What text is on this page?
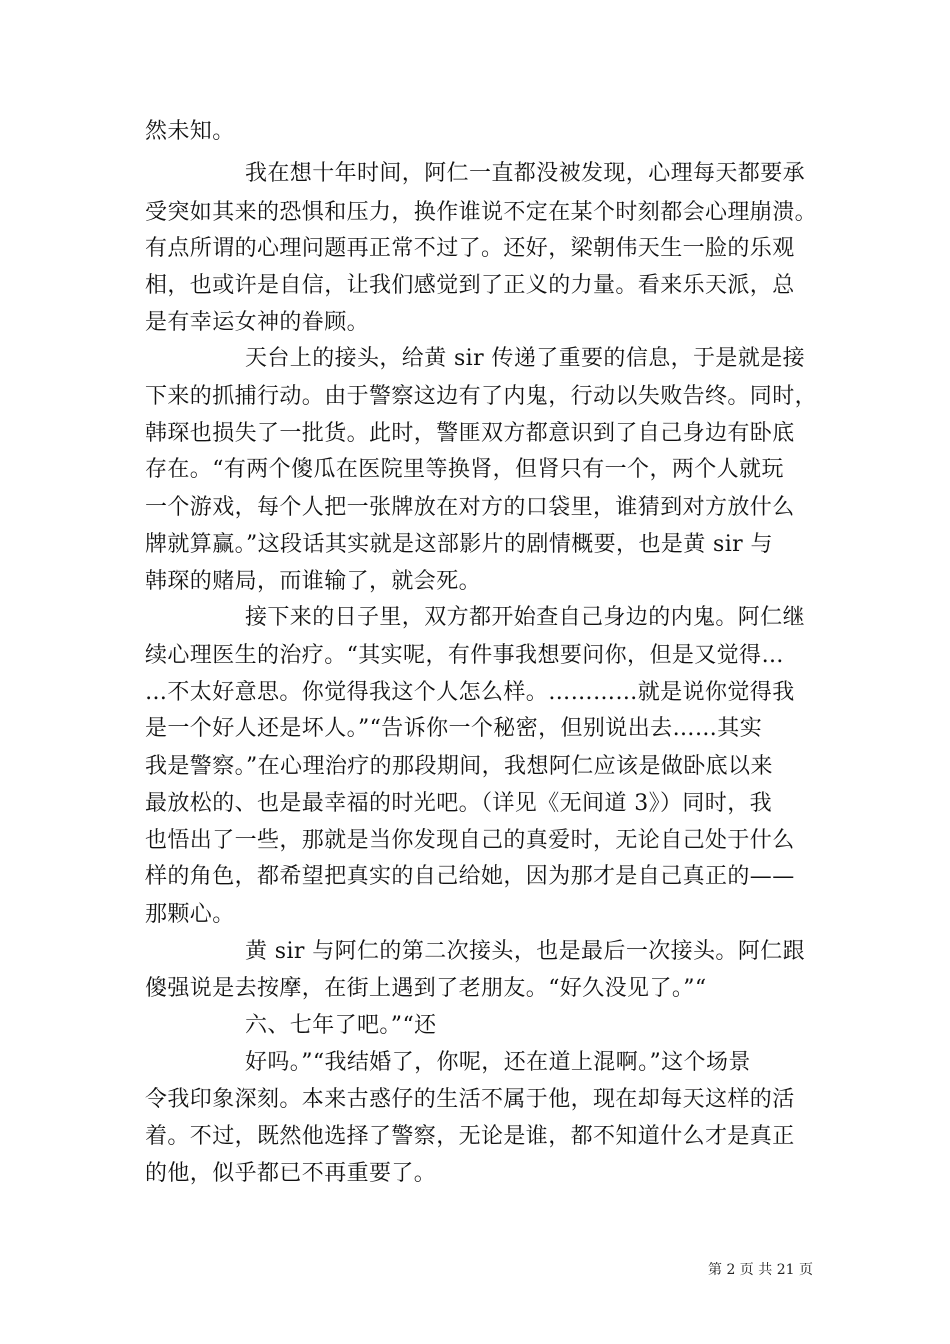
然未知。
我在想十年时间，阿仁一直都没被发现，心理每天都要承
受突如其来的恐惧和压力，换作谁说不定在某个时刻都会心理崩溃。
有点所谓的心理问题再正常不过了。还好，梁朝伟天生一脸的乐观
相，也或许是自信，让我们感觉到了正义的力量。看来乐天派，总
是有幸运女神的眷顾。
天台上的接头，给黄 sir 传递了重要的信息，于是就是接
下来的抓捕行动。由于警察这边有了内鬼，行动以失败告终。同时，
韩琛也损失了一批货。此时，警匪双方都意识到了自己身边有卧底
存在。“有两个傻瓜在医院里等换肾，但肾只有一个，两个人就玩
一个游戏，每个人把一张牌放在对方的口袋里，谁猜到对方放什么
牌就算赢。”这段话其实就是这部影片的剧情概要，也是黄 sir 与
韩琛的赌局，而谁输了，就会死。
接下来的日子里，双方都开始查自己身边的内鬼。阿仁继
续心理医生的治疗。“其实呢，有件事我想要问你，但是又觉得…
…不太好意思。你觉得我这个人怎么样。…………就是说你觉得我
是一个好人还是坏人。”“告诉你一个秘密，但别说出去……其实
我是警察。”在心理治疗的那段期间，我想阿仁应该是做卧底以来
最放松的、也是最幸福的时光吧。（详见《无间道 3》）同时，我
也悟出了一些，那就是当你发现自己的真爱时，无论自己处于什么
样的角色，都希望把真实的自己给她，因为那才是自己真正的——
那颗心。
黄 sir 与阿仁的第二次接头，也是最后一次接头。阿仁跟
傻强说是去按摩，在街上遇到了老朋友。“好久没见了。”“
六、七年了吧。”“还
好吗。”“我结婚了，你呢，还在道上混啊。”这个场景
令我印象深刻。本来古惑仔的生活不属于他，现在却每天这样的活
着。不过，既然他选择了警察，无论是谁，都不知道什么才是真正
的他，似乎都已不再重要了。
第 2 页 共 21 页
